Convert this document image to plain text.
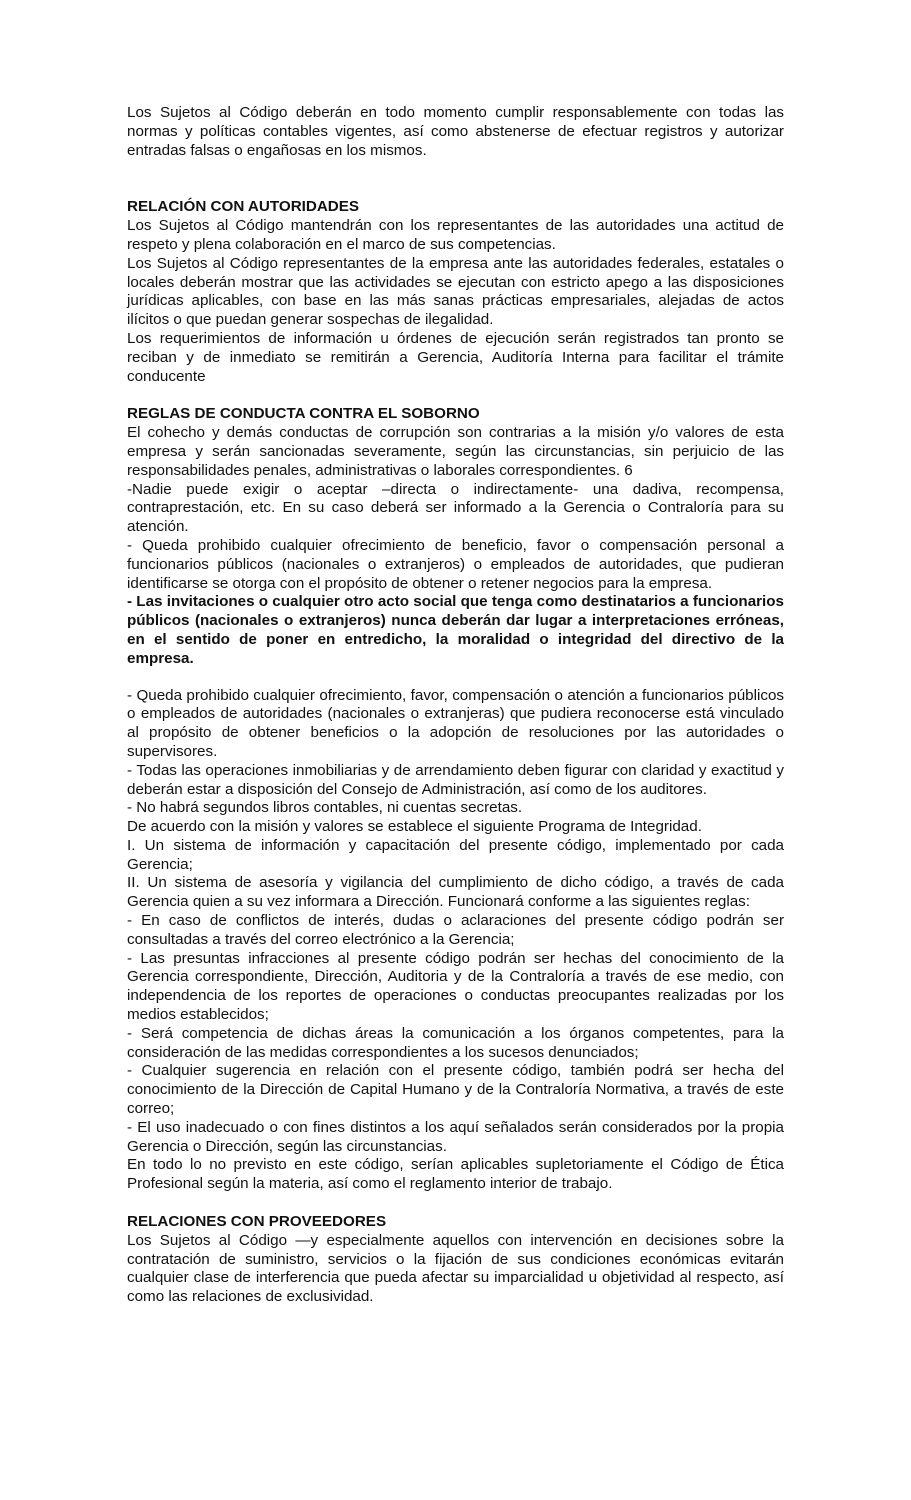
Los Sujetos al Código deberán en todo momento cumplir responsablemente con todas las normas y políticas contables vigentes, así como abstenerse de efectuar registros y autorizar entradas falsas o engañosas en los mismos.

RELACIÓN CON AUTORIDADES

Los Sujetos al Código mantendrán con los representantes de las autoridades una actitud de respeto y plena colaboración en el marco de sus competencias.

Los Sujetos al Código representantes de la empresa ante las autoridades federales, estatales o locales deberán mostrar que las actividades se ejecutan con estricto apego a las disposiciones jurídicas aplicables, con base en las más sanas prácticas empresariales, alejadas de actos ilícitos o que puedan generar sospechas de ilegalidad.

Los requerimientos de información u órdenes de ejecución serán registrados tan pronto se reciban y de inmediato se remitirán a Gerencia, Auditoría Interna para facilitar el trámite conducente

REGLAS DE CONDUCTA CONTRA EL SOBORNO

El cohecho y demás conductas de corrupción son contrarias a la misión y/o valores de esta empresa y serán sancionadas severamente, según las circunstancias, sin perjuicio de las responsabilidades penales, administrativas o laborales correspondientes. 6

-Nadie puede exigir o aceptar –directa o indirectamente- una dadiva, recompensa, contraprestación, etc. En su caso deberá ser informado a la Gerencia o Contraloría para su atención.

- Queda prohibido cualquier ofrecimiento de beneficio, favor o compensación personal a funcionarios públicos (nacionales o extranjeros) o empleados de autoridades, que pudieran identificarse se otorga con el propósito de obtener o retener negocios para la empresa.

- Las invitaciones o cualquier otro acto social que tenga como destinatarios a funcionarios públicos (nacionales o extranjeros) nunca deberán dar lugar a interpretaciones erróneas, en el sentido de poner en entredicho, la moralidad o integridad del directivo de la empresa.

- Queda prohibido cualquier ofrecimiento, favor, compensación o atención a funcionarios públicos o empleados de autoridades (nacionales o extranjeras) que pudiera reconocerse está vinculado al propósito de obtener beneficios o la adopción de resoluciones por las autoridades o supervisores.

- Todas las operaciones inmobiliarias y de arrendamiento deben figurar con claridad y exactitud y deberán estar a disposición del Consejo de Administración, así como de los auditores.

- No habrá segundos libros contables, ni cuentas secretas.

De acuerdo con la misión y valores se establece el siguiente Programa de Integridad.

I. Un sistema de información y capacitación del presente código, implementado por cada Gerencia;

II. Un sistema de asesoría y vigilancia del cumplimiento de dicho código, a través de cada Gerencia quien a su vez informara a Dirección. Funcionará conforme a las siguientes reglas:

- En caso de conflictos de interés, dudas o aclaraciones del presente código podrán ser consultadas a través del correo electrónico a la Gerencia;

- Las presuntas infracciones al presente código podrán ser hechas del conocimiento de la Gerencia correspondiente, Dirección, Auditoria y de la Contraloría a través de ese medio, con independencia de los reportes de operaciones o conductas preocupantes realizadas por los medios establecidos;

- Será competencia de dichas áreas la comunicación a los órganos competentes, para la consideración de las medidas correspondientes a los sucesos denunciados;

- Cualquier sugerencia en relación con el presente código, también podrá ser hecha del conocimiento de la Dirección de Capital Humano y de la Contraloría Normativa, a través de este correo;

- El uso inadecuado o con fines distintos a los aquí señalados serán considerados por la propia Gerencia o Dirección, según las circunstancias.

En todo lo no previsto en este código, serían aplicables supletoriamente el Código de Ética Profesional según la materia, así como el reglamento interior de trabajo.

RELACIONES CON PROVEEDORES

Los Sujetos al Código —y especialmente aquellos con intervención en decisiones sobre la contratación de suministro, servicios o la fijación de sus condiciones económicas evitarán cualquier clase de interferencia que pueda afectar su imparcialidad u objetividad al respecto, así como las relaciones de exclusividad.
